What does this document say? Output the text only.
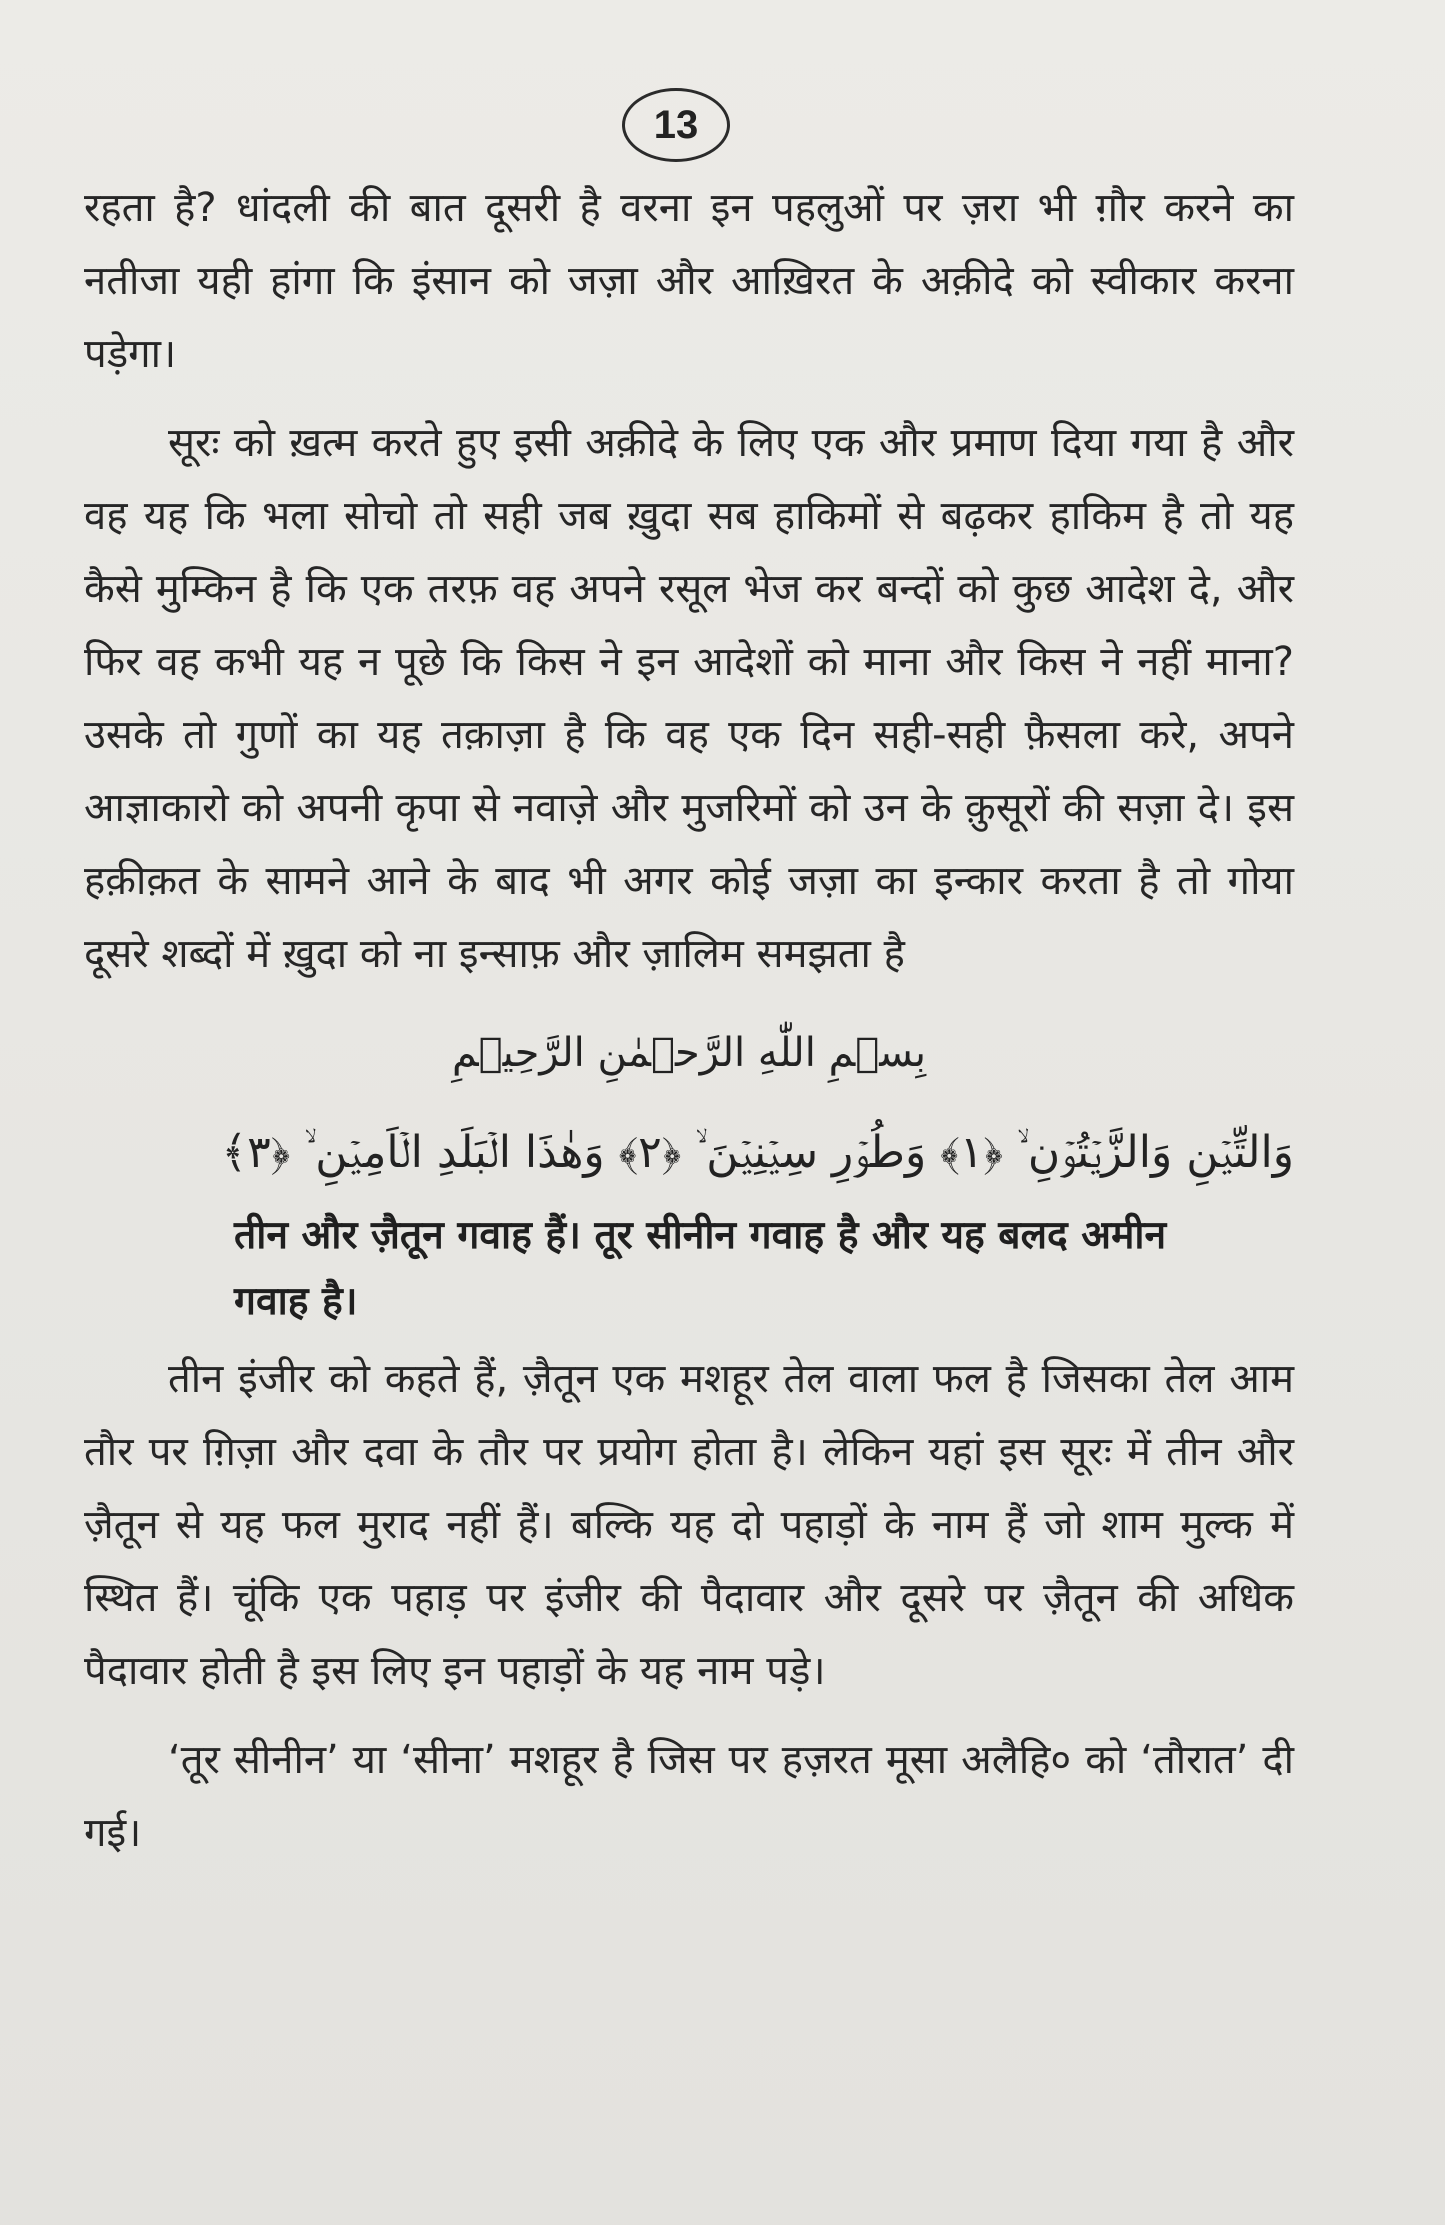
13

रहता है? धांदली की बात दूसरी है वरना इन पहलुओं पर ज़रा भी ग़ौर करने का नतीजा यही हांगा कि इंसान को जज़ा और आख़िरत के अक़ीदे को स्वीकार करना पड़ेगा।

सूरः को ख़त्म करते हुए इसी अक़ीदे के लिए एक और प्रमाण दिया गया है और वह यह कि भला सोचो तो सही जब ख़ुदा सब हाकिमों से बढ़कर हाकिम है तो यह कैसे मुम्किन है कि एक तरफ़ वह अपने रसूल भेज कर बन्दों को कुछ आदेश दे, और फिर वह कभी यह न पूछे कि किस ने इन आदेशों को माना और किस ने नहीं माना? उसके तो गुणों का यह तक़ाज़ा है कि वह एक दिन सही-सही फ़ैसला करे, अपने आज्ञाकारो को अपनी कृपा से नवाज़े और मुजरिमों को उन के क़ुसूरों की सज़ा दे। इस हक़ीक़त के सामने आने के बाद भी अगर कोई जज़ा का इन्कार करता है तो गोया दूसरे शब्दों में ख़ुदा को ना इन्साफ़ और ज़ालिम समझता है

بِسۡمِ اللّٰهِ الرَّحۡمٰنِ الرَّحِيۡمِ
وَالتِّيۡنِ وَالزَّيۡتُوۡنِ ۙ ﴿۱﴾ وَطُوۡرِ سِيۡنِيۡنَ ۙ ﴿۲﴾ وَهٰذَا الۡبَلَدِ الۡاَمِيۡنِ ۙ ﴿۳﴾
तीन और ज़ैतून गवाह हैं। तूर सीनीन गवाह है और यह बलद अमीन गवाह है।

तीन इंजीर को कहते हैं, ज़ैतून एक मशहूर तेल वाला फल है जिसका तेल आम तौर पर ग़िज़ा और दवा के तौर पर प्रयोग होता है। लेकिन यहां इस सूरः में तीन और ज़ैतून से यह फल मुराद नहीं हैं। बल्कि यह दो पहाड़ों के नाम हैं जो शाम मुल्क में स्थित हैं। चूंकि एक पहाड़ पर इंजीर की पैदावार और दूसरे पर ज़ैतून की अधिक पैदावार होती है इस लिए इन पहाड़ों के यह नाम पड़े।

‘तूर सीनीन’ या ‘सीना’ मशहूर है जिस पर हज़रत मूसा अलैहि० को ‘तौरात’ दी गई।
